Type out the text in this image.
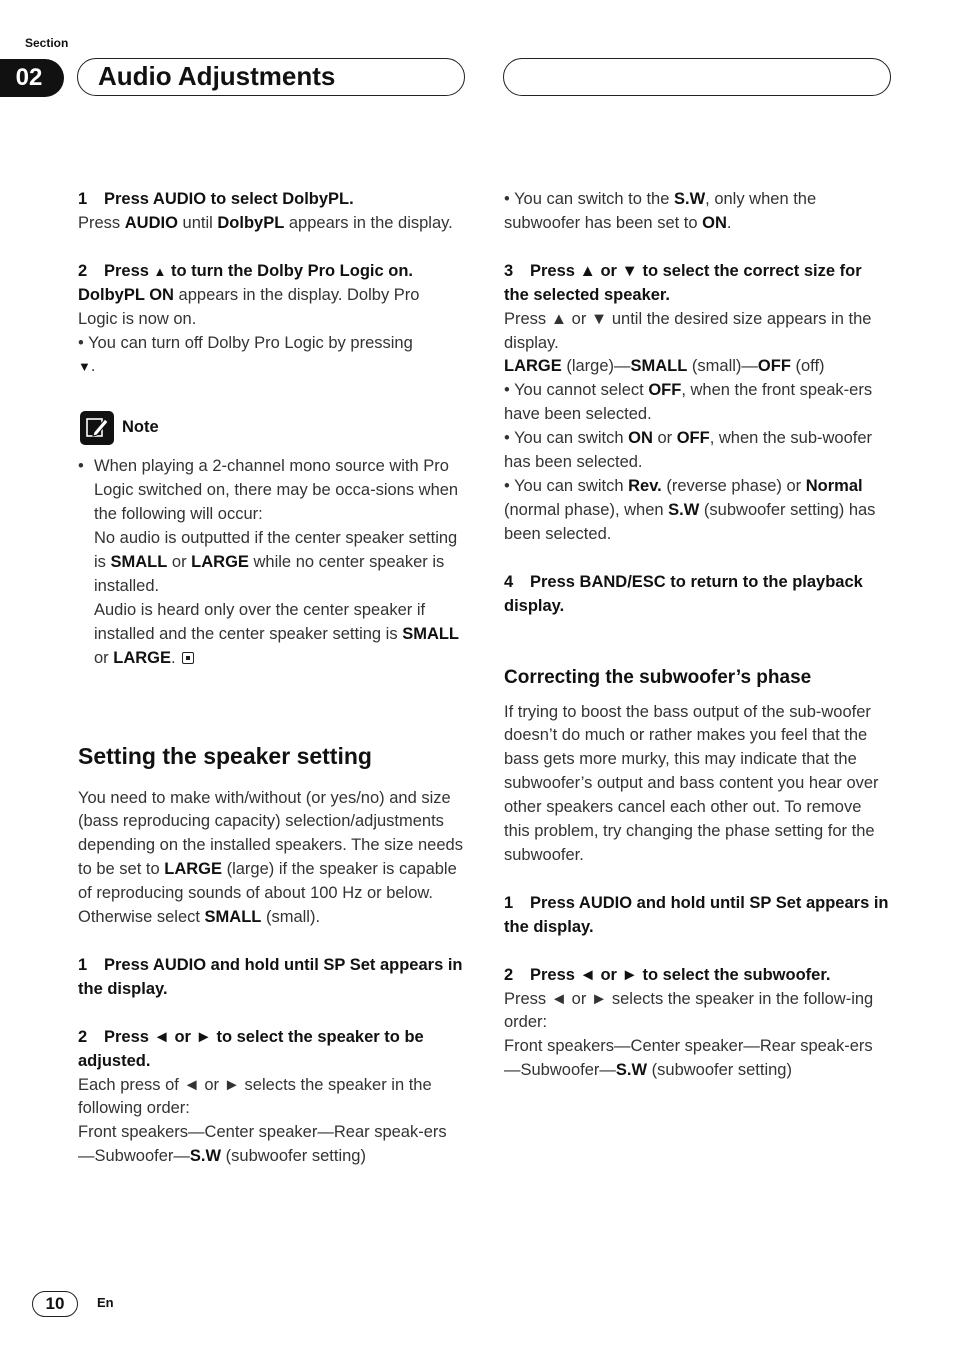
Section
02	Audio Adjustments

1 Press AUDIO to select DolbyPL.

Press AUDIO until DolbyPL appears in the display.

2 Press ▲ to turn the Dolby Pro Logic on.

DolbyPL ON appears in the display. Dolby Pro Logic is now on.

• You can turn off Dolby Pro Logic by pressing
▼.

Note
• When playing a 2-channel mono source with Pro Logic switched on, there may be occa-sions when the following will occur:

No audio is outputted if the center speaker setting is SMALL or LARGE while no center speaker is installed.

Audio is heard only over the center speaker if installed and the center speaker setting is SMALL or LARGE.

Setting the speaker setting

You need to make with/without (or yes/no) and size (bass reproducing capacity) selection/adjustments depending on the installed speakers. The size needs to be set to LARGE (large) if the speaker is capable of reproducing sounds of about 100 Hz or below. Otherwise select SMALL (small).

1	Press AUDIO and hold until SP Set appears in the display.
2	Press ◄ or ► to select the speaker to be adjusted.

Each press of ◄ or ► selects the speaker in the following order:

Front speakers—Center speaker—Rear speak-ers—Subwoofer—S.W (subwoofer setting)

• You can switch to the S.W, only when the subwoofer has been set to ON.

3	Press ▲ or ▼ to select the correct size for the selected speaker.

Press ▲ or ▼ until the desired size appears in the display.

LARGE (large)—SMALL (small)—OFF (off)

• You cannot select OFF, when the front speak-ers have been selected.

• You can switch ON or OFF, when the sub-woofer has been selected.

• You can switch Rev. (reverse phase) or Normal (normal phase), when S.W (subwoofer setting) has been selected.

4	Press BAND/ESC to return to the playback display.

Correcting the subwoofer’s phase

If trying to boost the bass output of the sub-woofer doesn’t do much or rather makes you feel that the bass gets more murky, this may indicate that the subwoofer’s output and bass content you hear over other speakers cancel each other out. To remove this problem, try changing the phase setting for the subwoofer.

1	Press AUDIO and hold until SP Set appears in the display.
2	Press ◄ or ► to select the subwoofer.

Press ◄ or ► selects the speaker in the follow-ing order:

Front speakers—Center speaker—Rear speak-ers—Subwoofer—S.W (subwoofer setting)

10	En
